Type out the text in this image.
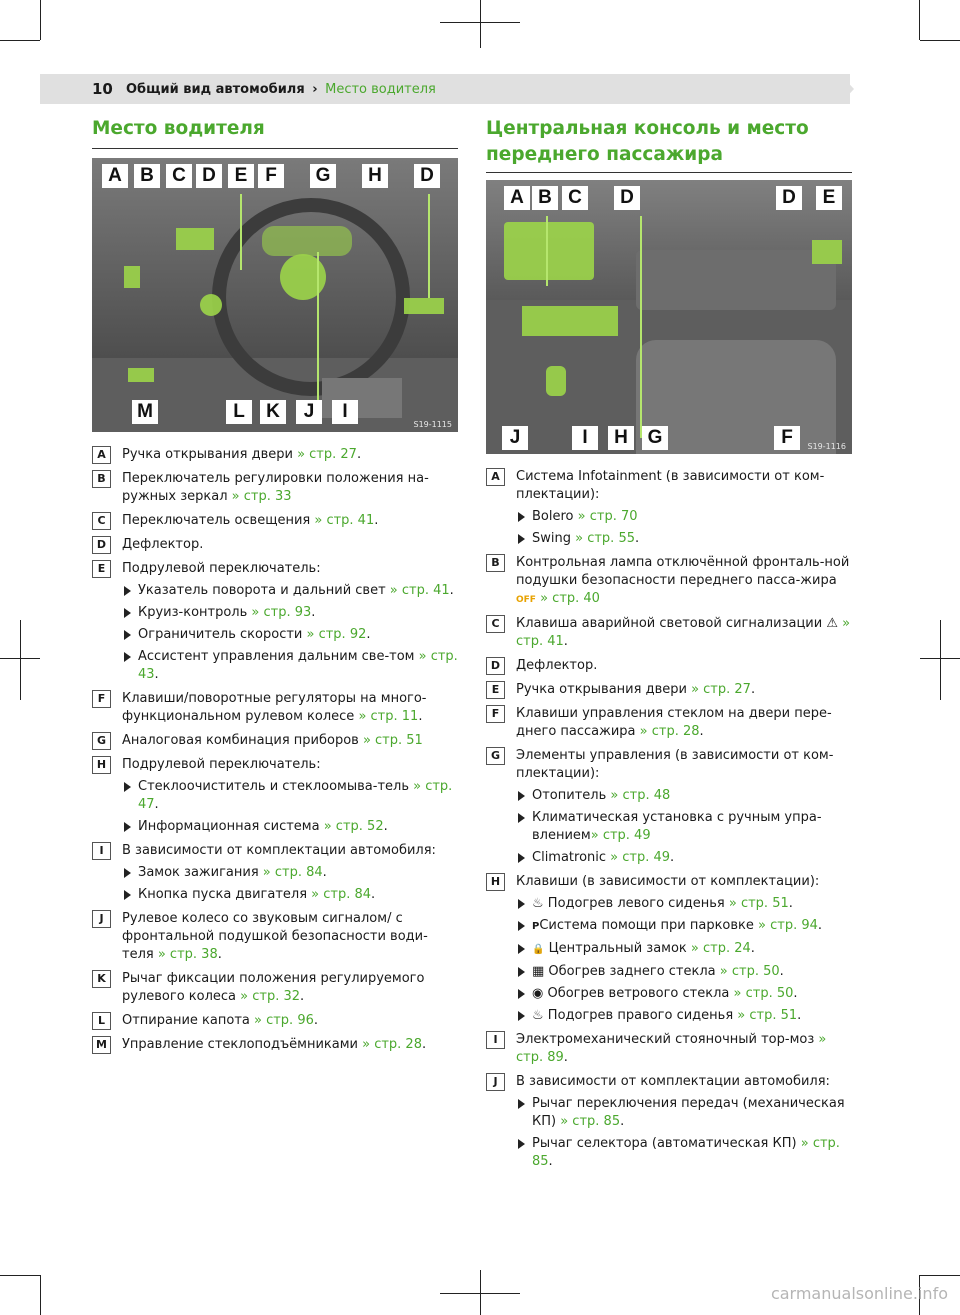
10 Общий вид автомобиля › Место водителя
Место водителя
A B C D E F	G	H	D
M	L	K	J	I
S19-1115
A	Ручка открывания двери » стр. 27.
B	Переключатель регулировки положения на-ружных зеркал » стр. 33
C	Переключатель освещения » стр. 41.
D	Дефлектор.
E	Подрулевой переключатель:
Указатель поворота и дальний свет » стр. 41.
Круиз-контроль » стр. 93.
Ограничитель скорости » стр. 92.
Ассистент управления дальним све-том » стр. 43.
F	Клавиши/поворотные регуляторы на много-функциональном рулевом колесе » стр. 11.
G	Аналоговая комбинация приборов » стр. 51
H	Подрулевой переключатель:
Стеклоочиститель и стеклоомыва-тель » стр. 47.
Информационная система » стр. 52.
I	В зависимости от комплектации автомобиля:
Замок зажигания » стр. 84.
Кнопка пуска двигателя » стр. 84.
J	Рулевое колесо со звуковым сигналом/ с фронтальной подушкой безопасности води-теля » стр. 38.
K	Рычаг фиксации положения регулируемого рулевого колеса » стр. 32.
L	Отпирание капота » стр. 96.
M	Управление стеклоподъёмниками » стр. 28.
Центральная консоль и место переднего пассажира
A B C	D	D	E
J	I	H	G	F	S19-1116
A	Система Infotainment (в зависимости от ком-плектации):
Bolero » стр. 70
Swing » стр. 55.
B	Контрольная лампа отключённой фронталь-ной подушки безопасности переднего пасса-жира OFF » стр. 40
C	Клавиша аварийной световой сигнализации ⚠ » стр. 41.
D	Дефлектор.
E	Ручка открывания двери » стр. 27.
F	Клавиши управления стеклом на двери пере-днего пассажира » стр. 28.
G	Элементы управления (в зависимости от ком-плектации):
Отопитель » стр. 48
Климатическая установка с ручным упра-влением» стр. 49
Climatronic » стр. 49.
H	Клавиши (в зависимости от комплектации):
♨ Подогрев левого сиденья » стр. 51.
PСистема помощи при парковке » стр. 94.
🔒 Центральный замок » стр. 24.
▦ Обогрев заднего стекла » стр. 50.
◉ Обогрев ветрового стекла » стр. 50.
♨ Подогрев правого сиденья » стр. 51.
I	Электромеханический стояночный тор-моз » стр. 89.
J	В зависимости от комплектации автомобиля:
Рычаг переключения передач (механическая КП) » стр. 85.
Рычаг селектора (автоматическая КП) » стр. 85.
carmanualsonline.info
